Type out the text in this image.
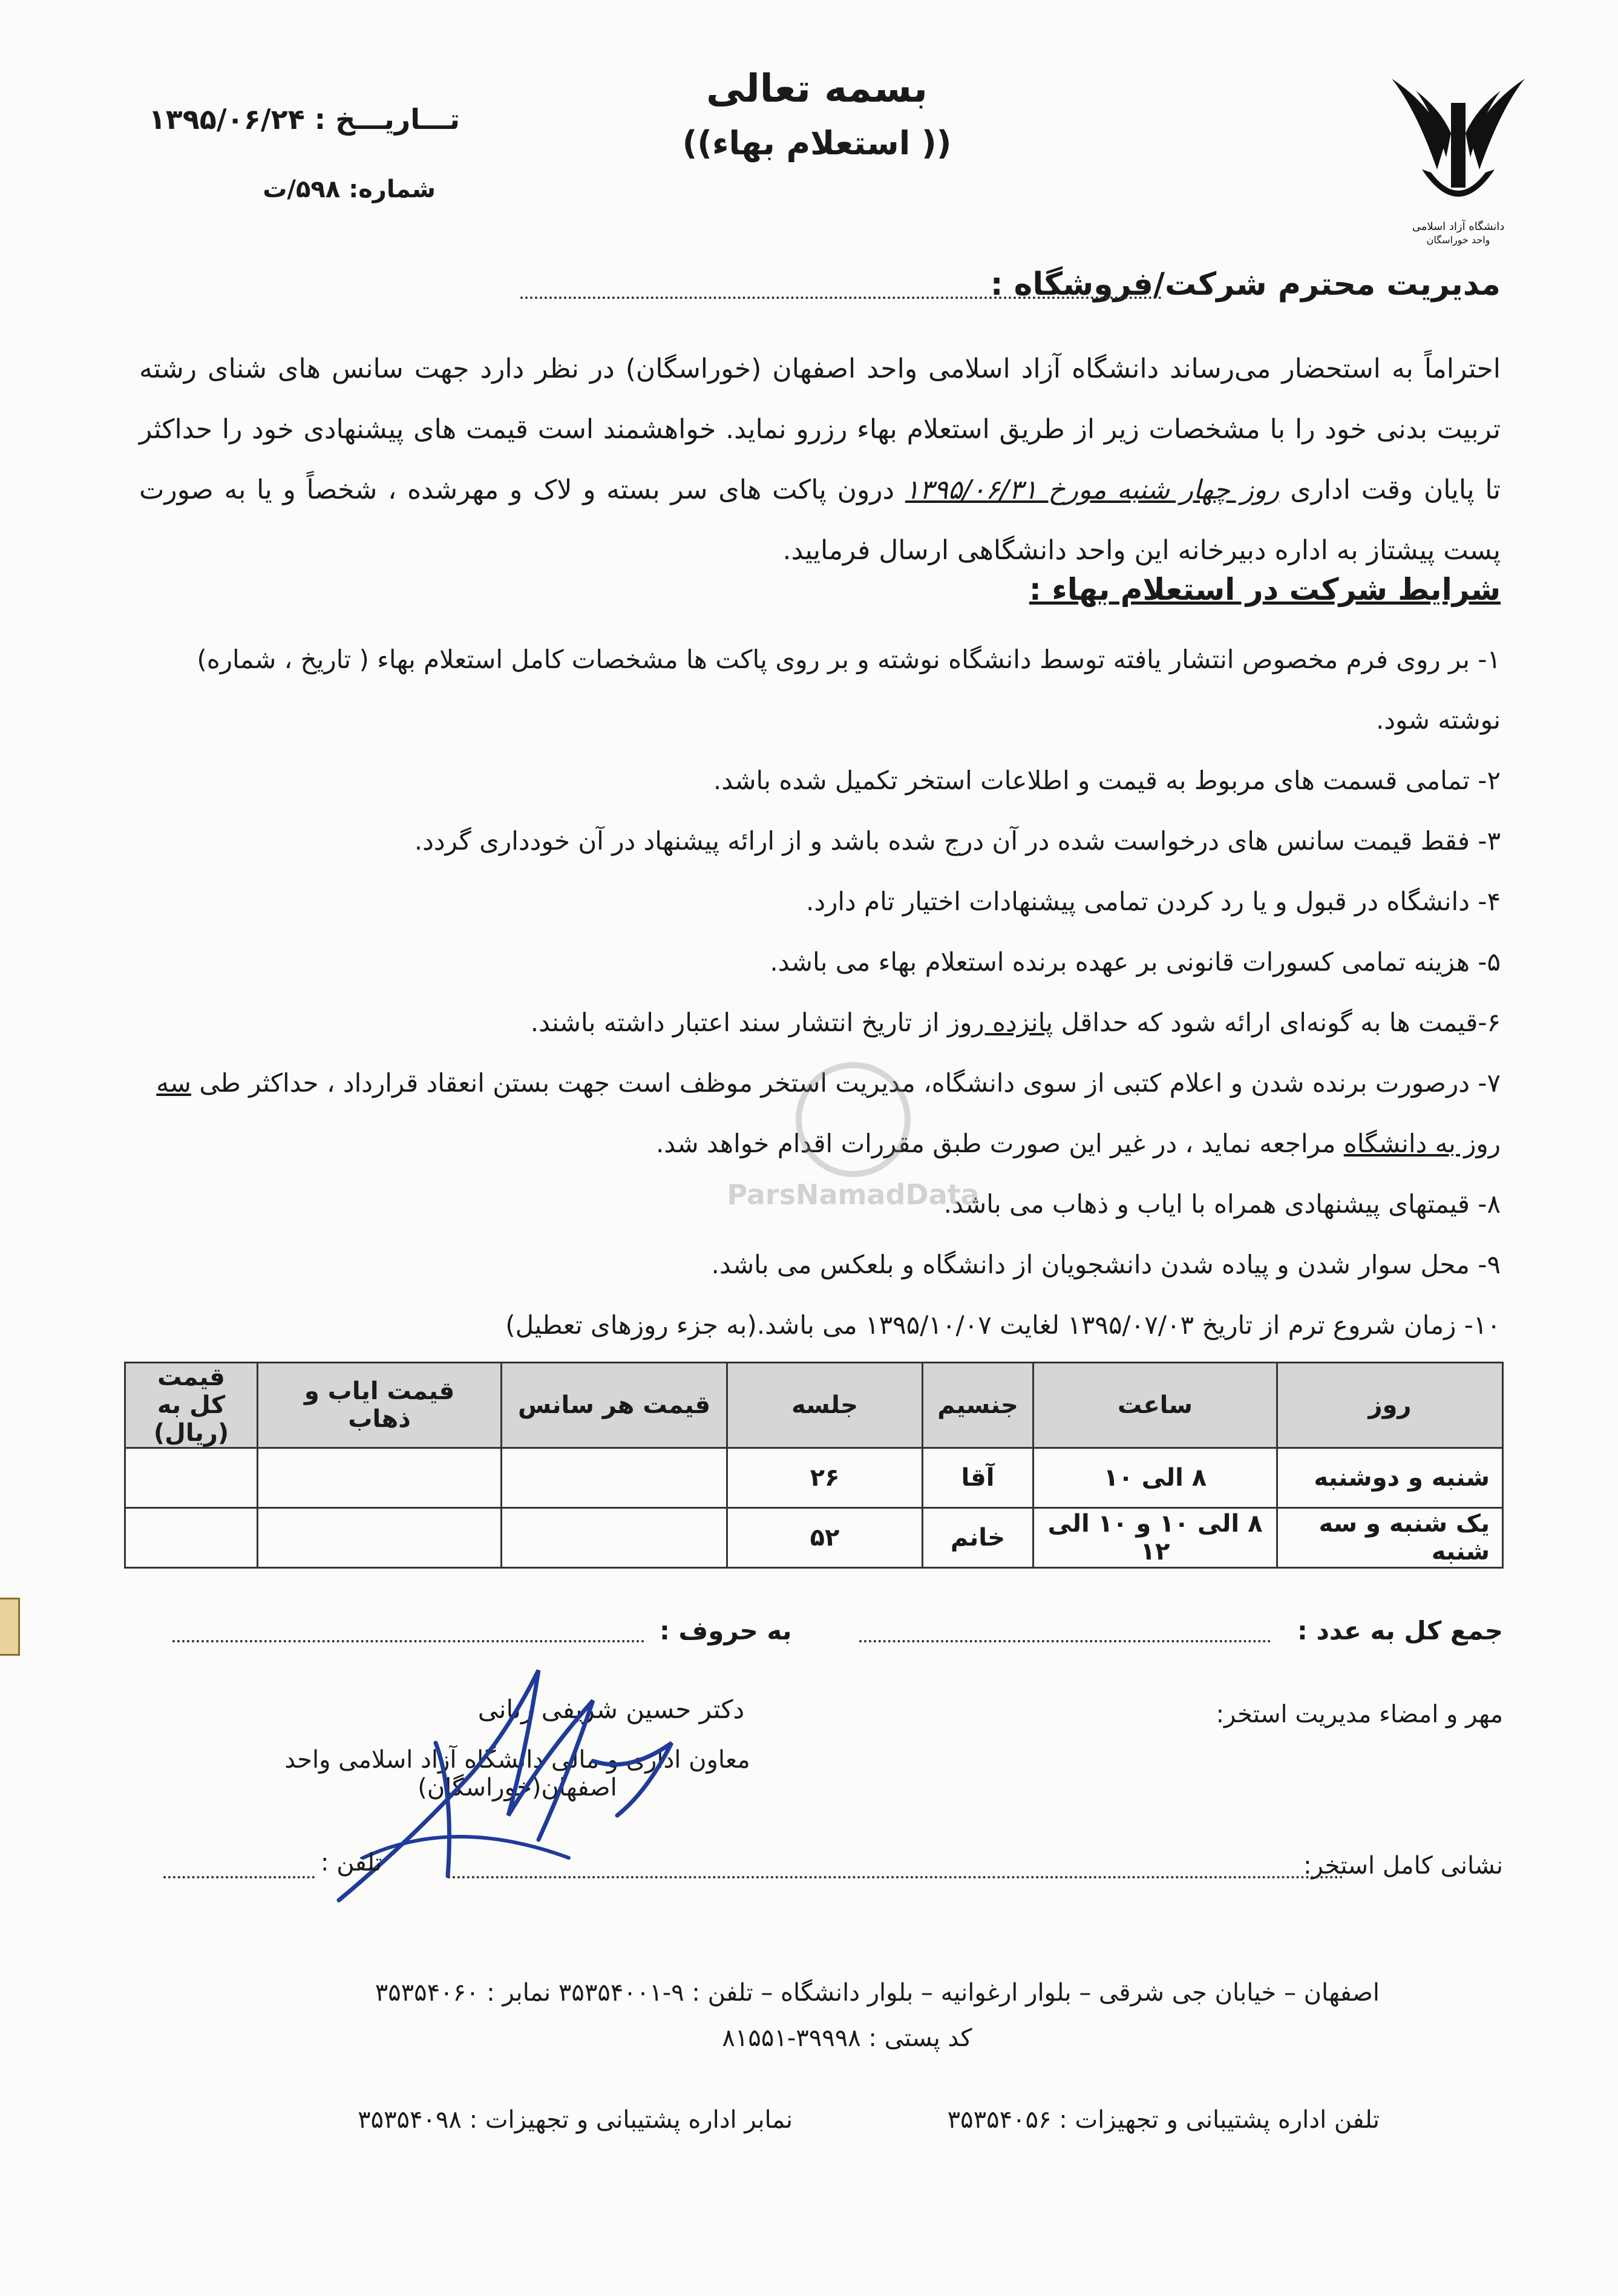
دانشگاه آزاد اسلامی
واحد خوراسگان
بسمه تعالی
(( استعلام بهاء))
تـــاریـــخ : ۱۳۹۵/۰۶/۲۴
شماره: ۵۹۸/ت
مدیریت محترم شرکت/فروشگاه :
احتراماً به استحضار می‌رساند دانشگاه آزاد اسلامی واحد اصفهان (خوراسگان) در نظر دارد جهت سانس های شنای رشته تربیت بدنی خود را با مشخصات زیر از طریق استعلام بهاء رزرو نماید. خواهشمند است قیمت های پیشنهادی خود را حداکثر تا پایان وقت اداری روز چهار شنبه مورخ ۱۳۹۵/۰۶/۳۱ درون پاکت های سر بسته و لاک و مهرشده ، شخصاً و یا به صورت پست پیشتاز به اداره دبیرخانه این واحد دانشگاهی ارسال فرمایید.
شرایط شرکت در استعلام بهاء :

۱- بر روی فرم مخصوص انتشار یافته توسط دانشگاه نوشته و بر روی پاکت ها مشخصات کامل استعلام بهاء ( تاریخ ، شماره) نوشته شود.

۲- تمامی قسمت های مربوط به قیمت و اطلاعات استخر تکمیل شده باشد.

۳- فقط قیمت سانس های درخواست شده در آن درج شده باشد و از ارائه پیشنهاد در آن خودداری گردد.

۴- دانشگاه در قبول و یا رد کردن تمامی پیشنهادات اختیار تام دارد.

۵- هزینه تمامی کسورات قانونی بر عهده برنده استعلام بهاء می باشد.

۶-قیمت ها به گونه‌ای ارائه شود که حداقل پانزده روز از تاریخ انتشار سند اعتبار داشته باشند.

۷- درصورت برنده شدن و اعلام کتبی از سوی دانشگاه، مدیریت استخر موظف است جهت بستن انعقاد قرارداد ، حداکثر طی سه روز به دانشگاه مراجعه نماید ، در غیر این صورت طبق مقررات اقدام خواهد شد.

۸- قیمتهای پیشنهادی همراه با ایاب و ذهاب می باشد.

۹- محل سوار شدن و پیاده شدن دانشجویان از دانشگاه و بلعکس می باشد.

۱۰- زمان شروع ترم از تاریخ ۱۳۹۵/۰۷/۰۳ لغایت ۱۳۹۵/۱۰/۰۷ می باشد.(به جزء روزهای تعطیل)

ParsNamadData
روز	ساعت	جنسیم	جلسه	قیمت هر سانس	قیمت ایاب و ذهاب	قیمت کل به (ریال)
شنبه و دوشنبه	۸ الی ۱۰	آقا	۲۶			
یک شنبه و سه شنبه	۸ الی ۱۰ و ۱۰ الی ۱۲	خانم	۵۲			
جمع کل به عدد :
به حروف :
مهر و امضاء مدیریت استخر:
دکتر حسین شریفی رنانی
معاون اداری و مالی دانشگاه آزاد اسلامی واحد اصفهان(خوراسگان)
نشانی کامل استخر:
تلفن :
اصفهان – خیابان جی شرقی – بلوار ارغوانیه – بلوار دانشگاه – تلفن : ۹-۳۵۳۵۴۰۰۱ نمابر : ۳۵۳۵۴۰۶۰
کد پستی : ۳۹۹۹۸-۸۱۵۵۱
تلفن اداره پشتیبانی و تجهیزات : ۳۵۳۵۴۰۵۶
نمابر اداره پشتیبانی و تجهیزات : ۳۵۳۵۴۰۹۸
